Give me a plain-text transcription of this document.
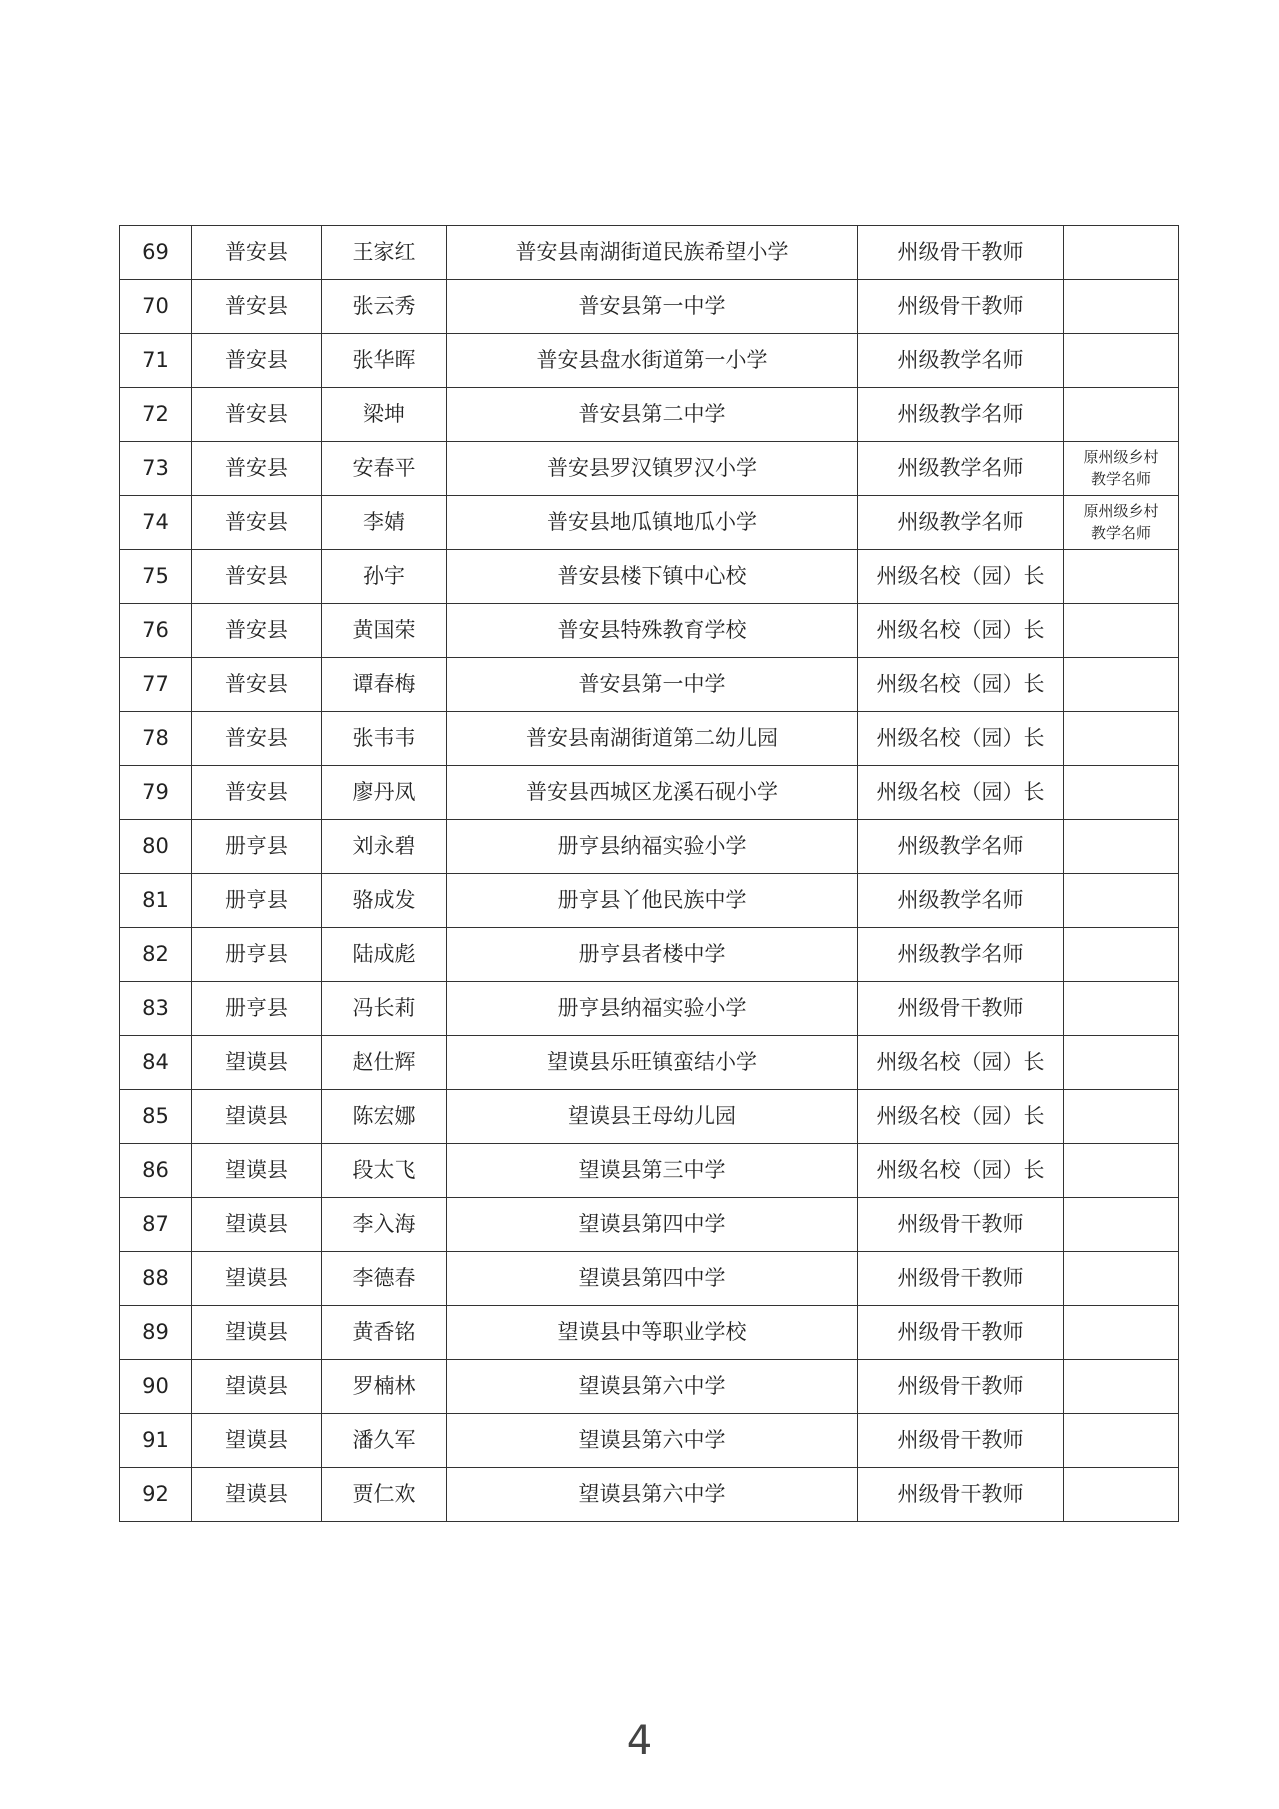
69	普安县	王家红	普安县南湖街道民族希望小学	州级骨干教师	
70	普安县	张云秀	普安县第一中学	州级骨干教师	
71	普安县	张华晖	普安县盘水街道第一小学	州级教学名师	
72	普安县	梁坤	普安县第二中学	州级教学名师	
73	普安县	安春平	普安县罗汉镇罗汉小学	州级教学名师	原州级乡村
教学名师

74	普安县	李婧	普安县地瓜镇地瓜小学	州级教学名师	原州级乡村
教学名师

75	普安县	孙宇	普安县楼下镇中心校	州级名校（园）长	
76	普安县	黄国荣	普安县特殊教育学校	州级名校（园）长	
77	普安县	谭春梅	普安县第一中学	州级名校（园）长	
78	普安县	张韦韦	普安县南湖街道第二幼儿园	州级名校（园）长	
79	普安县	廖丹凤	普安县西城区龙溪石砚小学	州级名校（园）长	
80	册亨县	刘永碧	册亨县纳福实验小学	州级教学名师	
81	册亨县	骆成发	册亨县丫他民族中学	州级教学名师	
82	册亨县	陆成彪	册亨县者楼中学	州级教学名师	
83	册亨县	冯长莉	册亨县纳福实验小学	州级骨干教师	
84	望谟县	赵仕辉	望谟县乐旺镇蛮结小学	州级名校（园）长	
85	望谟县	陈宏娜	望谟县王母幼儿园	州级名校（园）长	
86	望谟县	段太飞	望谟县第三中学	州级名校（园）长	
87	望谟县	李入海	望谟县第四中学	州级骨干教师	
88	望谟县	李德春	望谟县第四中学	州级骨干教师	
89	望谟县	黄香铭	望谟县中等职业学校	州级骨干教师	
90	望谟县	罗楠林	望谟县第六中学	州级骨干教师	
91	望谟县	潘久军	望谟县第六中学	州级骨干教师	
92	望谟县	贾仁欢	望谟县第六中学	州级骨干教师	
4
